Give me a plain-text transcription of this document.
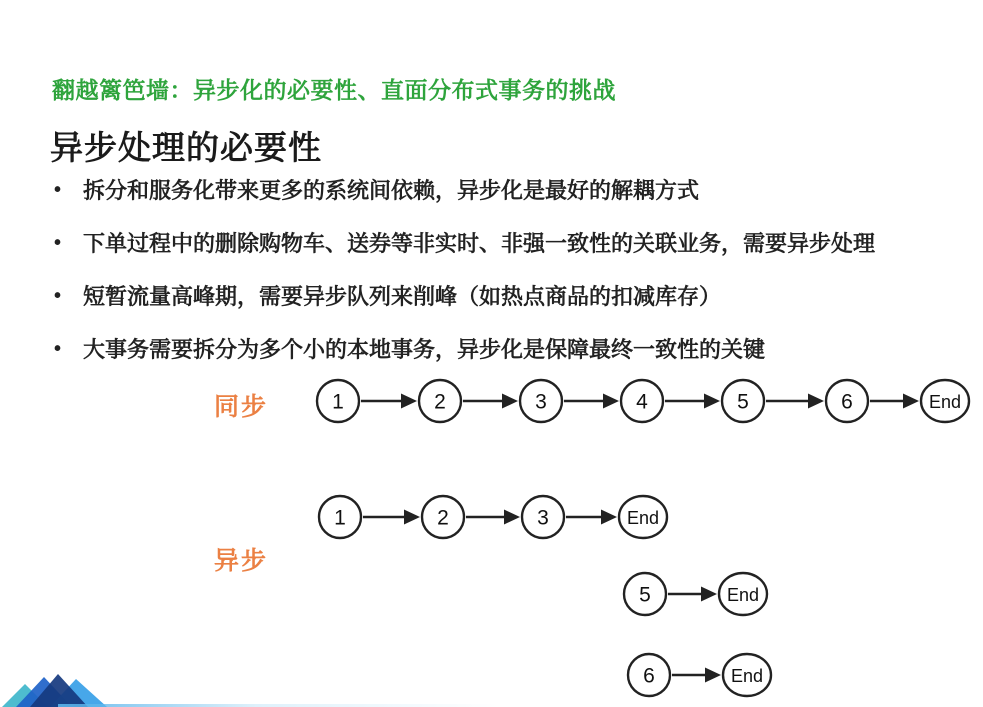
翻越篱笆墙：异步化的必要性、直面分布式事务的挑战
异步处理的必要性
• 拆分和服务化带来更多的系统间依赖，异步化是最好的解耦方式
• 下单过程中的删除购物车、送券等非实时、非强一致性的关联业务，需要异步处理
• 短暂流量高峰期，需要异步队列来削峰（如热点商品的扣减库存）
• 大事务需要拆分为多个小的本地事务，异步化是保障最终一致性的关键
同步
异步
1	2	3	4	5	6	End
1	2	3	End
5	End
6	End
